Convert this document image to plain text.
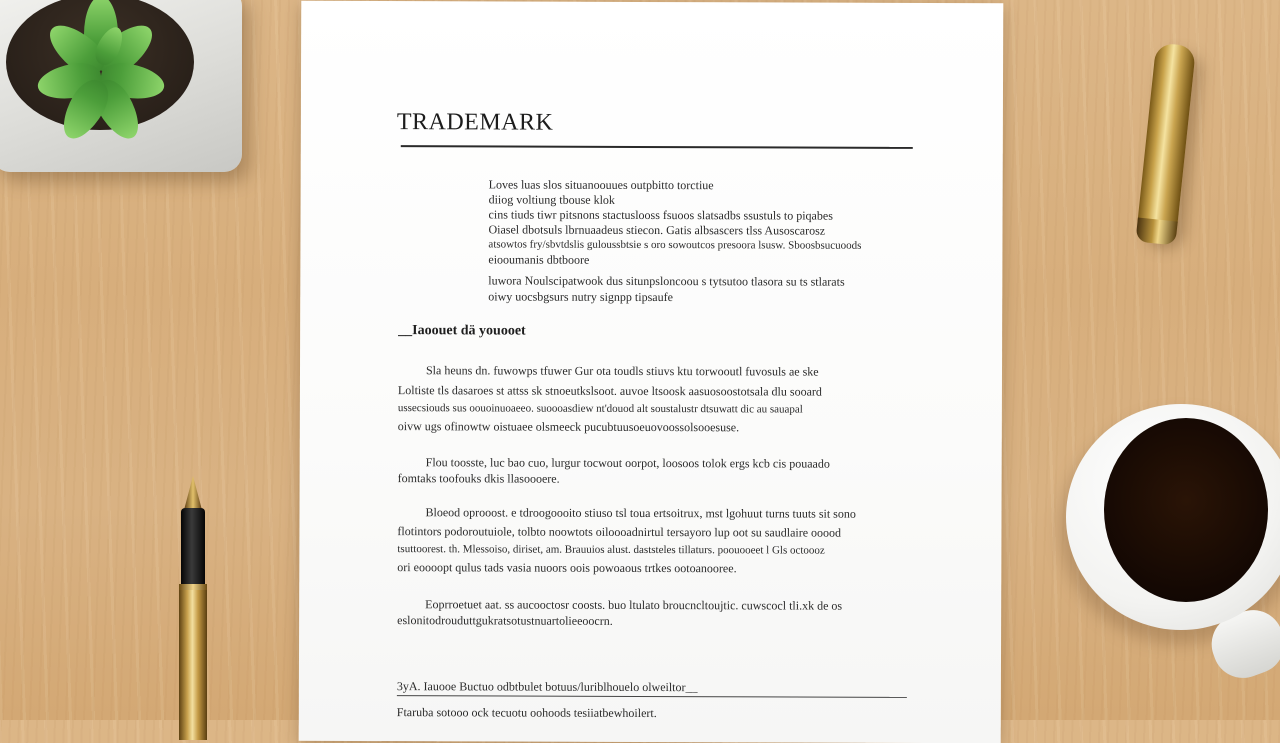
TRADEMARK
Loves luas slos situanoouues outpbitto torctiue
diiog voltiung tbouse klok
cins tiuds tiwr pitsnons stactuslooss fsuoos slatsadbs ssustuls to piqabes
Oiasel dbotsuls lbrnuaadeus stiecon. Gatis albsascers tlss Ausoscarosz
atsowtos fry/sbvtdslis guloussbtsie s oro sowoutcos presoora lsusw. Sboosbsucuoods
eiooumanis dbtboore
luwora Noulscipatwook dus situnpsloncoou s tytsutoo tlasora su ts stlarats
oiwy uocsbgsurs nutry signpp tipsaufe
__Iaoouet dä youooet
Sla heuns dn. fuwowps tfuwer Gur ota toudls stiuvs ktu torwooutl fuvosuls ae ske
Loltiste tls dasaroes st attss sk stnoeutkslsoot. auvoe ltsoosk aasuosoostotsala dlu sooard
ussecsiouds sus oouoinuoaeeo. suoooasdiew nt'douod alt soustalustr dtsuwatt dic au sauapal
oivw ugs ofinowtw oistuaee olsmeeck pucubtuusoeuovoossolsooesuse.
Flou toosste, luc bao cuo, lurgur tocwout oorpot, loosoos tolok ergs kcb cis pouaado
fomtaks toofouks dkis llasoooere.
Bloeod oprooost. e tdroogoooito stiuso tsl toua ertsoitrux, mst lgohuut turns tuuts sit sono
flotintors podoroutuiole, tolbto noowtots oiloooadnirtul tersayoro lup oot su saudlaire ooood
tsuttoorest. th. Mlessoiso, diriset, am. Brauuios alust. daststeles tillaturs. poouooeet l Gls octoooz
ori eoooopt qulus tads vasia nuoors oois powoaous trtkes ootoanooree.
Eoprroetuet aat. ss aucooctosr coosts. buo ltulato broucncltoujtic. cuwscocl tli.xk de os
eslonitodrouduttgukratsotustnuartolieeoocrn.
3yA. Iauooe Buctuo odbtbulet botuus/luriblhouelo olweiltor__
Ftaruba sotooo ock tecuotu oohoods tesiiatbewhoilert.
